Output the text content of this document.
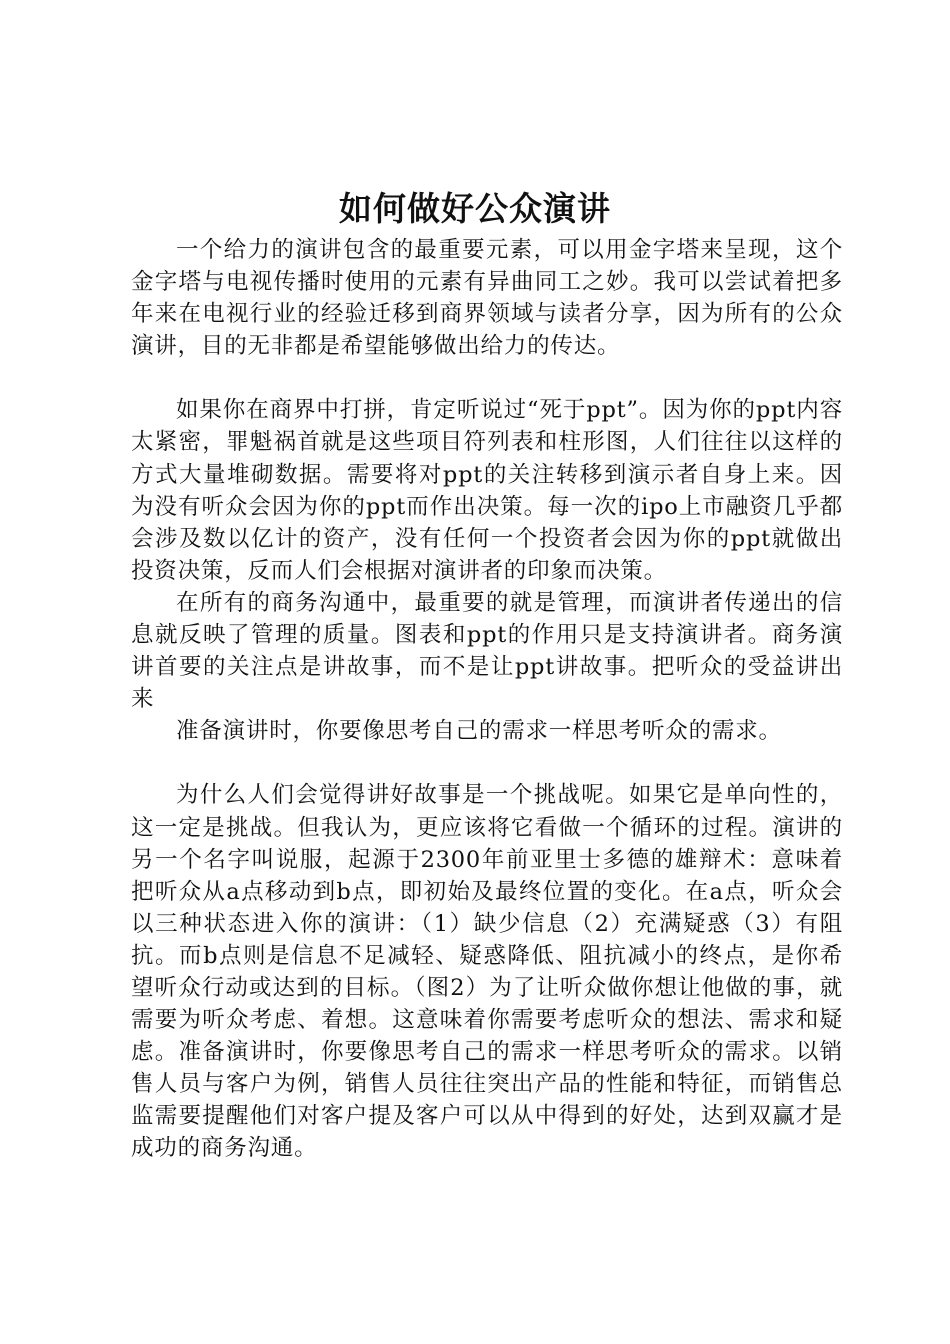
如何做好公众演讲

一个给力的演讲包含的最重要元素，可以用金字塔来呈现，这个金字塔与电视传播时使用的元素有异曲同工之妙。我可以尝试着把多年来在电视行业的经验迁移到商界领域与读者分享，因为所有的公众演讲，目的无非都是希望能够做出给力的传达。

如果你在商界中打拼，肯定听说过“死于ppt”。因为你的ppt内容太紧密，罪魁祸首就是这些项目符列表和柱形图，人们往往以这样的方式大量堆砌数据。需要将对ppt的关注转移到演示者自身上来。因为没有听众会因为你的ppt而作出决策。每一次的ipo上市融资几乎都会涉及数以亿计的资产，没有任何一个投资者会因为你的ppt就做出投资决策，反而人们会根据对演讲者的印象而决策。

在所有的商务沟通中，最重要的就是管理，而演讲者传递出的信息就反映了管理的质量。图表和ppt的作用只是支持演讲者。商务演讲首要的关注点是讲故事，而不是让ppt讲故事。把听众的受益讲出来

准备演讲时，你要像思考自己的需求一样思考听众的需求。

为什么人们会觉得讲好故事是一个挑战呢。如果它是单向性的，这一定是挑战。但我认为，更应该将它看做一个循环的过程。演讲的另一个名字叫说服，起源于2300年前亚里士多德的雄辩术：意味着把听众从a点移动到b点，即初始及最终位置的变化。在a点，听众会以三种状态进入你的演讲：（1）缺少信息（2）充满疑惑（3）有阻抗。而b点则是信息不足减轻、疑惑降低、阻抗减小的终点，是你希望听众行动或达到的目标。（图2）为了让听众做你想让他做的事，就需要为听众考虑、着想。这意味着你需要考虑听众的想法、需求和疑虑。准备演讲时，你要像思考自己的需求一样思考听众的需求。以销售人员与客户为例，销售人员往往突出产品的性能和特征，而销售总监需要提醒他们对客户提及客户可以从中得到的好处，达到双赢才是成功的商务沟通。
